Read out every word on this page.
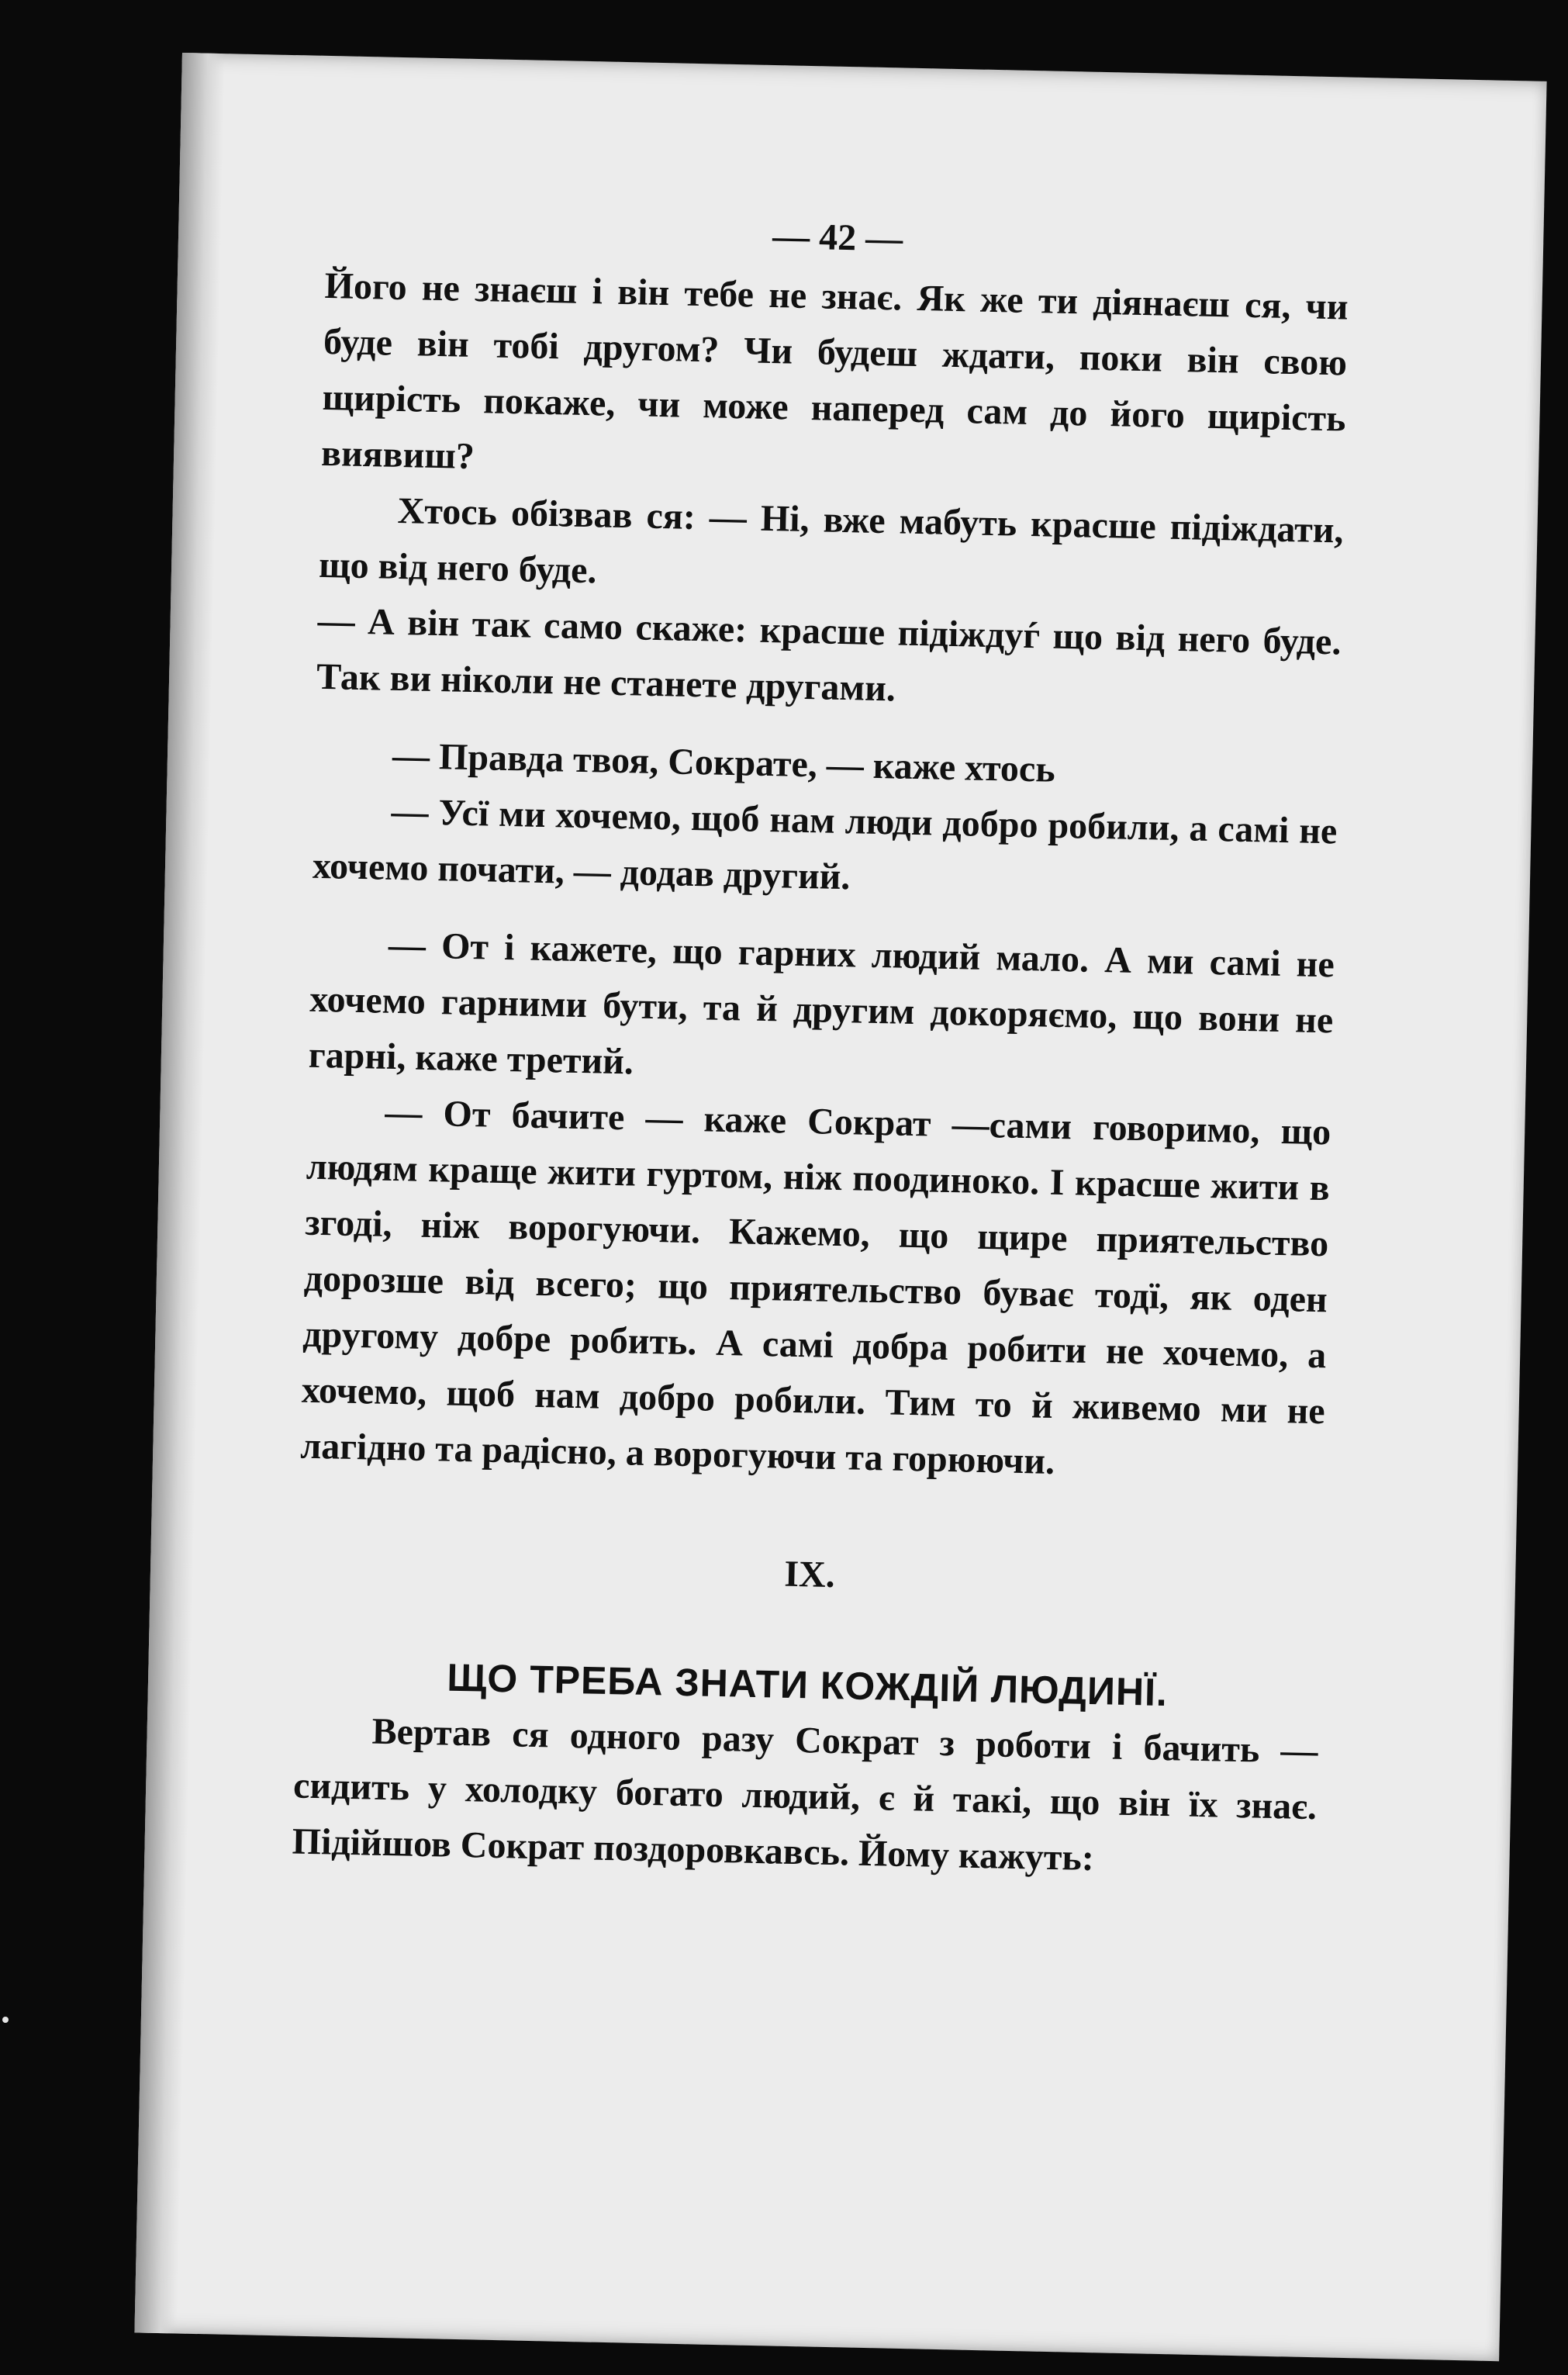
— 42 —

Його не знаєш і він тебе не знає. Як же ти діянаєш ся, чи буде він тобі другом? Чи будеш ждати, поки він свою щирість покаже, чи може наперед сам до його щирість виявиш?

Хтось обізвав ся: — Ні, вже мабуть красше підіждати, що від него буде.

— А він так само скаже: красше підіждуѓ що від него буде. Так ви ніколи не станете другами.

— Правда твоя, Сократе, — каже хтось

— Усї ми хочемо, щоб нам люди добро робили, а самі не хочемо почати, — додав другий.

— От і кажете, що гарних людий мало. А ми самі не хочемо гарними бути, та й другим докоряємо, що вони не гарні, каже третий.

— От бачите — каже Сократ —сами говоримо, що людям краще жити гуртом, ніж поодиноко. І красше жити в згоді, ніж ворогуючи. Кажемо, що щире приятельство дорозше від всего; що приятельство буває тодї, як оден другому добре робить. А самі добра робити не хочемо, а хочемо, щоб нам добро робили. Тим то й живемо ми не лагідно та радісно, а ворогуючи та горюючи.

IX.

ЩО ТРЕБА ЗНАТИ КОЖДІЙ ЛЮДИНЇ.

Вертав ся одного разу Сократ з роботи і бачить — сидить у холодку богато людий, є й такі, що він їх знає. Підійшов Сократ поздоровкавсь. Йому кажуть:
